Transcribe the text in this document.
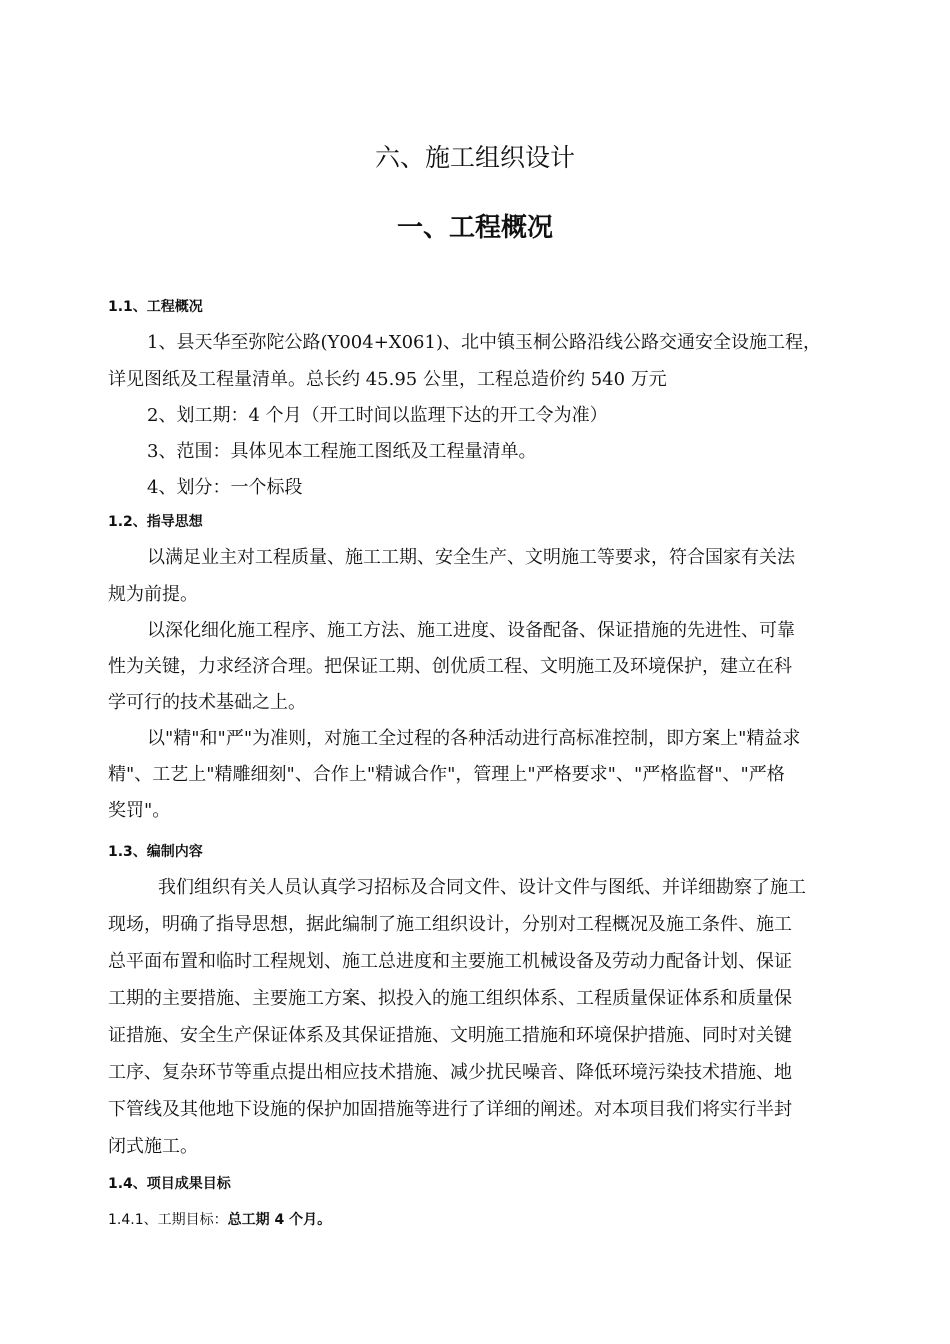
六、施工组织设计
一、工程概况
1.1、工程概况
1、县天华至弥陀公路(Y004+X061)、北中镇玉桐公路沿线公路交通安全设施工程，
详见图纸及工程量清单。总长约 45.95 公里，工程总造价约 540 万元
2、划工期：4 个月（开工时间以监理下达的开工令为准）
3、范围：具体见本工程施工图纸及工程量清单。
4、划分：一个标段
1.2、指导思想
以满足业主对工程质量、施工工期、安全生产、文明施工等要求，符合国家有关法
规为前提。
以深化细化施工程序、施工方法、施工进度、设备配备、保证措施的先进性、可靠
性为关键，力求经济合理。把保证工期、创优质工程、文明施工及环境保护，建立在科
学可行的技术基础之上。
以"精"和"严"为准则，对施工全过程的各种活动进行高标准控制，即方案上"精益求
精"、工艺上"精雕细刻"、合作上"精诚合作"，管理上"严格要求"、"严格监督"、"严格
奖罚"。
1.3、编制内容
我们组织有关人员认真学习招标及合同文件、设计文件与图纸、并详细勘察了施工
现场，明确了指导思想，据此编制了施工组织设计，分别对工程概况及施工条件、施工
总平面布置和临时工程规划、施工总进度和主要施工机械设备及劳动力配备计划、保证
工期的主要措施、主要施工方案、拟投入的施工组织体系、工程质量保证体系和质量保
证措施、安全生产保证体系及其保证措施、文明施工措施和环境保护措施、同时对关键
工序、复杂环节等重点提出相应技术措施、减少扰民噪音、降低环境污染技术措施、地
下管线及其他地下设施的保护加固措施等进行了详细的阐述。对本项目我们将实行半封
闭式施工。
1.4、项目成果目标
1.4.1、工期目标：总工期 4 个月。
